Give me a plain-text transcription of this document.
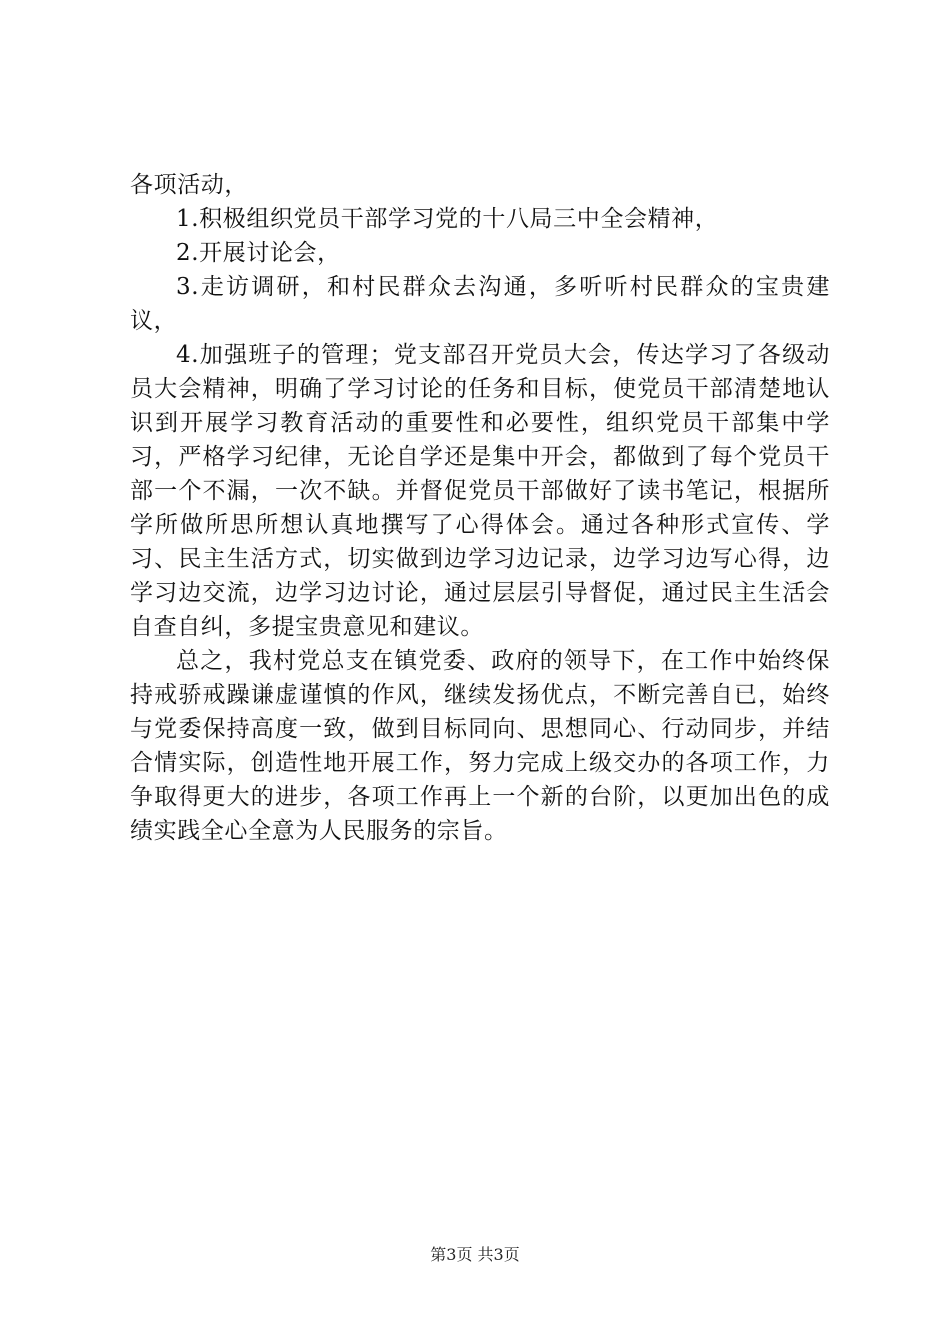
各项活动，

1.积极组织党员干部学习党的十八局三中全会精神，

2.开展讨论会，

3.走访调研，和村民群众去沟通，多听听村民群众的宝贵建议，

4.加强班子的管理；党支部召开党员大会，传达学习了各级动员大会精神，明确了学习讨论的任务和目标，使党员干部清楚地认识到开展学习教育活动的重要性和必要性，组织党员干部集中学习，严格学习纪律，无论自学还是集中开会，都做到了每个党员干部一个不漏，一次不缺。并督促党员干部做好了读书笔记，根据所学所做所思所想认真地撰写了心得体会。通过各种形式宣传、学习、民主生活方式，切实做到边学习边记录，边学习边写心得，边学习边交流，边学习边讨论，通过层层引导督促，通过民主生活会自查自纠，多提宝贵意见和建议。

总之，我村党总支在镇党委、政府的领导下，在工作中始终保持戒骄戒躁谦虚谨慎的作风，继续发扬优点，不断完善自已，始终与党委保持高度一致，做到目标同向、思想同心、行动同步，并结合情实际，创造性地开展工作，努力完成上级交办的各项工作，力争取得更大的进步，各项工作再上一个新的台阶，以更加出色的成绩实践全心全意为人民服务的宗旨。

第3页 共3页
